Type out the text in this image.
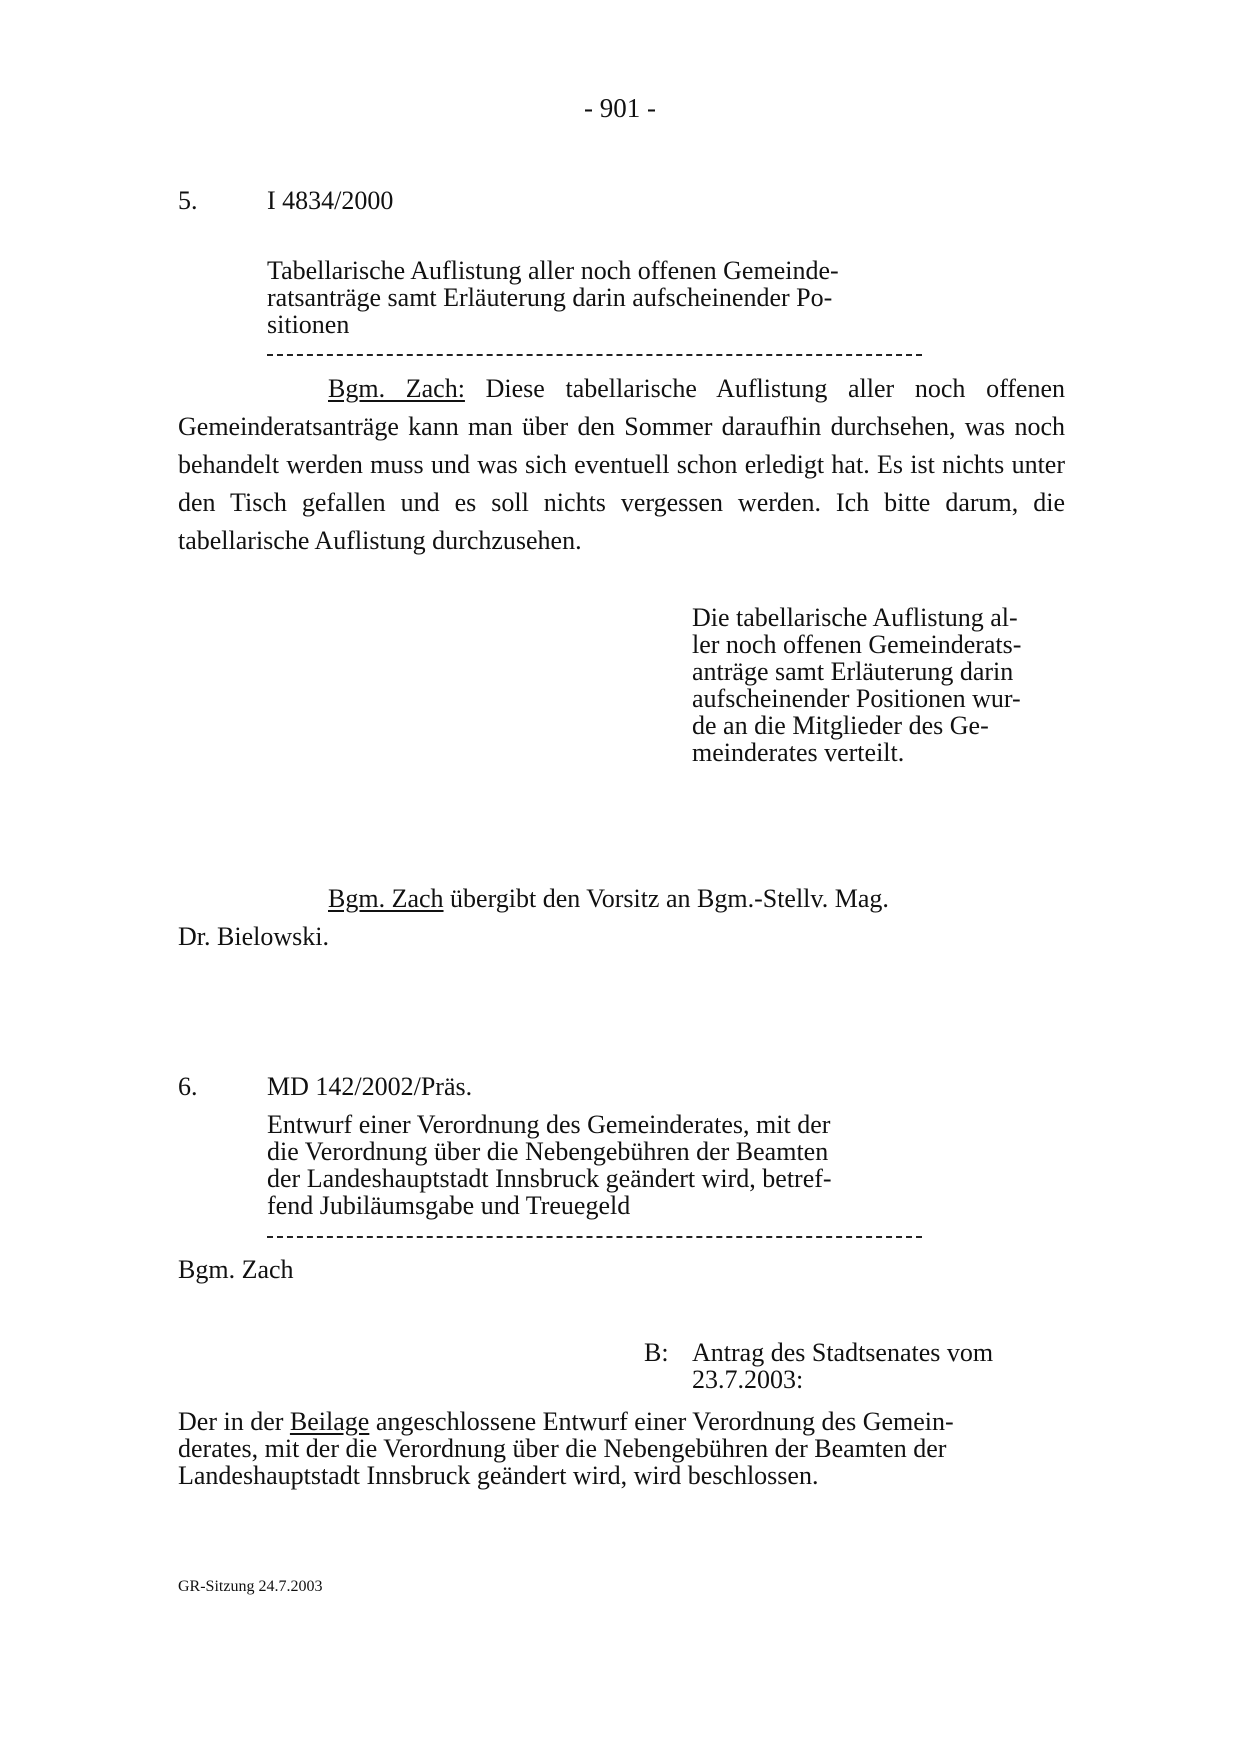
- 901 -
5.	I 4834/2000
Tabellarische Auflistung aller noch offenen Gemeinde-
ratsanträge samt Erläuterung darin aufscheinender Po-
sitionen
Bgm. Zach: Diese tabellarische Auflistung aller noch offenen Gemeinderatsanträge kann man über den Sommer daraufhin durchsehen, was noch behandelt werden muss und was sich eventuell schon erledigt hat. Es ist nichts unter den Tisch gefallen und es soll nichts vergessen werden. Ich bitte darum, die tabellarische Auflistung durchzusehen.
Die tabellarische Auflistung al-
ler noch offenen Gemeinderats-
anträge samt Erläuterung darin
aufscheinender Positionen wur-
de an die Mitglieder des Ge-
meinderates verteilt.
Bgm. Zach übergibt den Vorsitz an Bgm.-Stellv. Mag.
Dr. Bielowski.
6.	MD 142/2002/Präs.
Entwurf einer Verordnung des Gemeinderates, mit der
die Verordnung über die Nebengebühren der Beamten
der Landeshauptstadt Innsbruck geändert wird, betref-
fend Jubiläumsgabe und Treuegeld
Bgm. Zach
B: Antrag des Stadtsenates vom
23.7.2003:
Der in der Beilage angeschlossene Entwurf einer Verordnung des Gemein-
derates, mit der die Verordnung über die Nebengebühren der Beamten der
Landeshauptstadt Innsbruck geändert wird, wird beschlossen.
GR-Sitzung 24.7.2003
